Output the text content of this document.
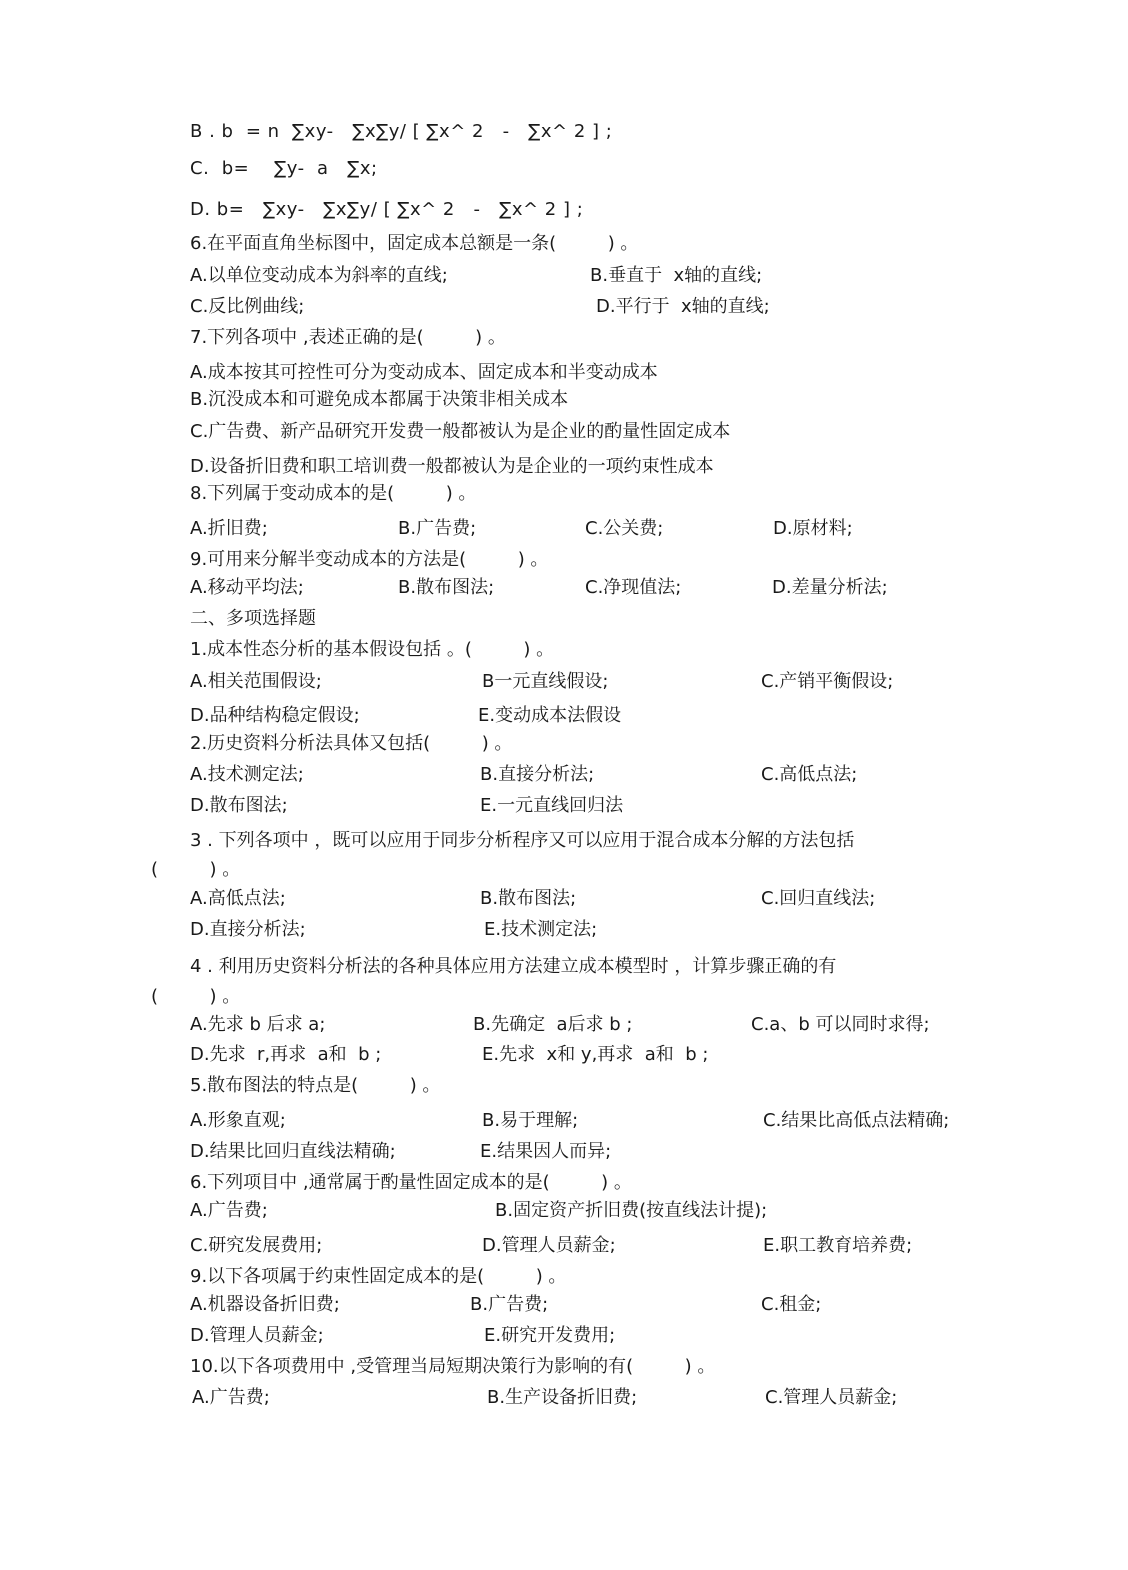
B . b  = n  ∑xy-   ∑x∑y/ [ ∑x^ 2   -   ∑x^ 2 ] ;
C.  b=    ∑y-  a   ∑x;
D. b=   ∑xy-   ∑x∑y/ [ ∑x^ 2   -   ∑x^ 2 ] ;
6.在平面直角坐标图中，固定成本总额是一条(         ) 。
A.以单位变动成本为斜率的直线;	B.垂直于  x轴的直线;
C.反比例曲线;	D.平行于  x轴的直线;
7.下列各项中 ,表述正确的是(         ) 。
A.成本按其可控性可分为变动成本、固定成本和半变动成本
B.沉没成本和可避免成本都属于决策非相关成本
C.广告费、新产品研究开发费一般都被认为是企业的酌量性固定成本
D.设备折旧费和职工培训费一般都被认为是企业的一项约束性成本
8.下列属于变动成本的是(         ) 。
A.折旧费;	B.广告费;	C.公关费;	D.原材料;
9.可用来分解半变动成本的方法是(         ) 。
A.移动平均法;	B.散布图法;	C.净现值法;	D.差量分析法;
二、多项选择题
1.成本性态分析的基本假设包括 。(         ) 。
A.相关范围假设;	B一元直线假设;	C.产销平衡假设;
D.品种结构稳定假设;	E.变动成本法假设
2.历史资料分析法具体又包括(         ) 。
A.技术测定法;	B.直接分析法;	C.高低点法;
D.散布图法;	E.一元直线回归法
3 . 下列各项中 ，既可以应用于同步分析程序又可以应用于混合成本分解的方法包括
(         ) 。
A.高低点法;	B.散布图法;	C.回归直线法;
D.直接分析法;	E.技术测定法;
4 . 利用历史资料分析法的各种具体应用方法建立成本模型时 ，计算步骤正确的有
(         ) 。
A.先求 b 后求 a;	B.先确定  a后求 b ;	C.a、b 可以同时求得;
D.先求  r,再求  a和  b ;	E.先求  x和 y,再求  a和  b ;
5.散布图法的特点是(         ) 。
A.形象直观;	B.易于理解;	C.结果比高低点法精确;
D.结果比回归直线法精确;	E.结果因人而异;
6.下列项目中 ,通常属于酌量性固定成本的是(         ) 。
A.广告费;	B.固定资产折旧费(按直线法计提);
C.研究发展费用;	D.管理人员薪金;	E.职工教育培养费;
9.以下各项属于约束性固定成本的是(         ) 。
A.机器设备折旧费;	B.广告费;	C.租金;
D.管理人员薪金;	E.研究开发费用;
10.以下各项费用中 ,受管理当局短期决策行为影响的有(         ) 。
A.广告费;	B.生产设备折旧费;	C.管理人员薪金;
